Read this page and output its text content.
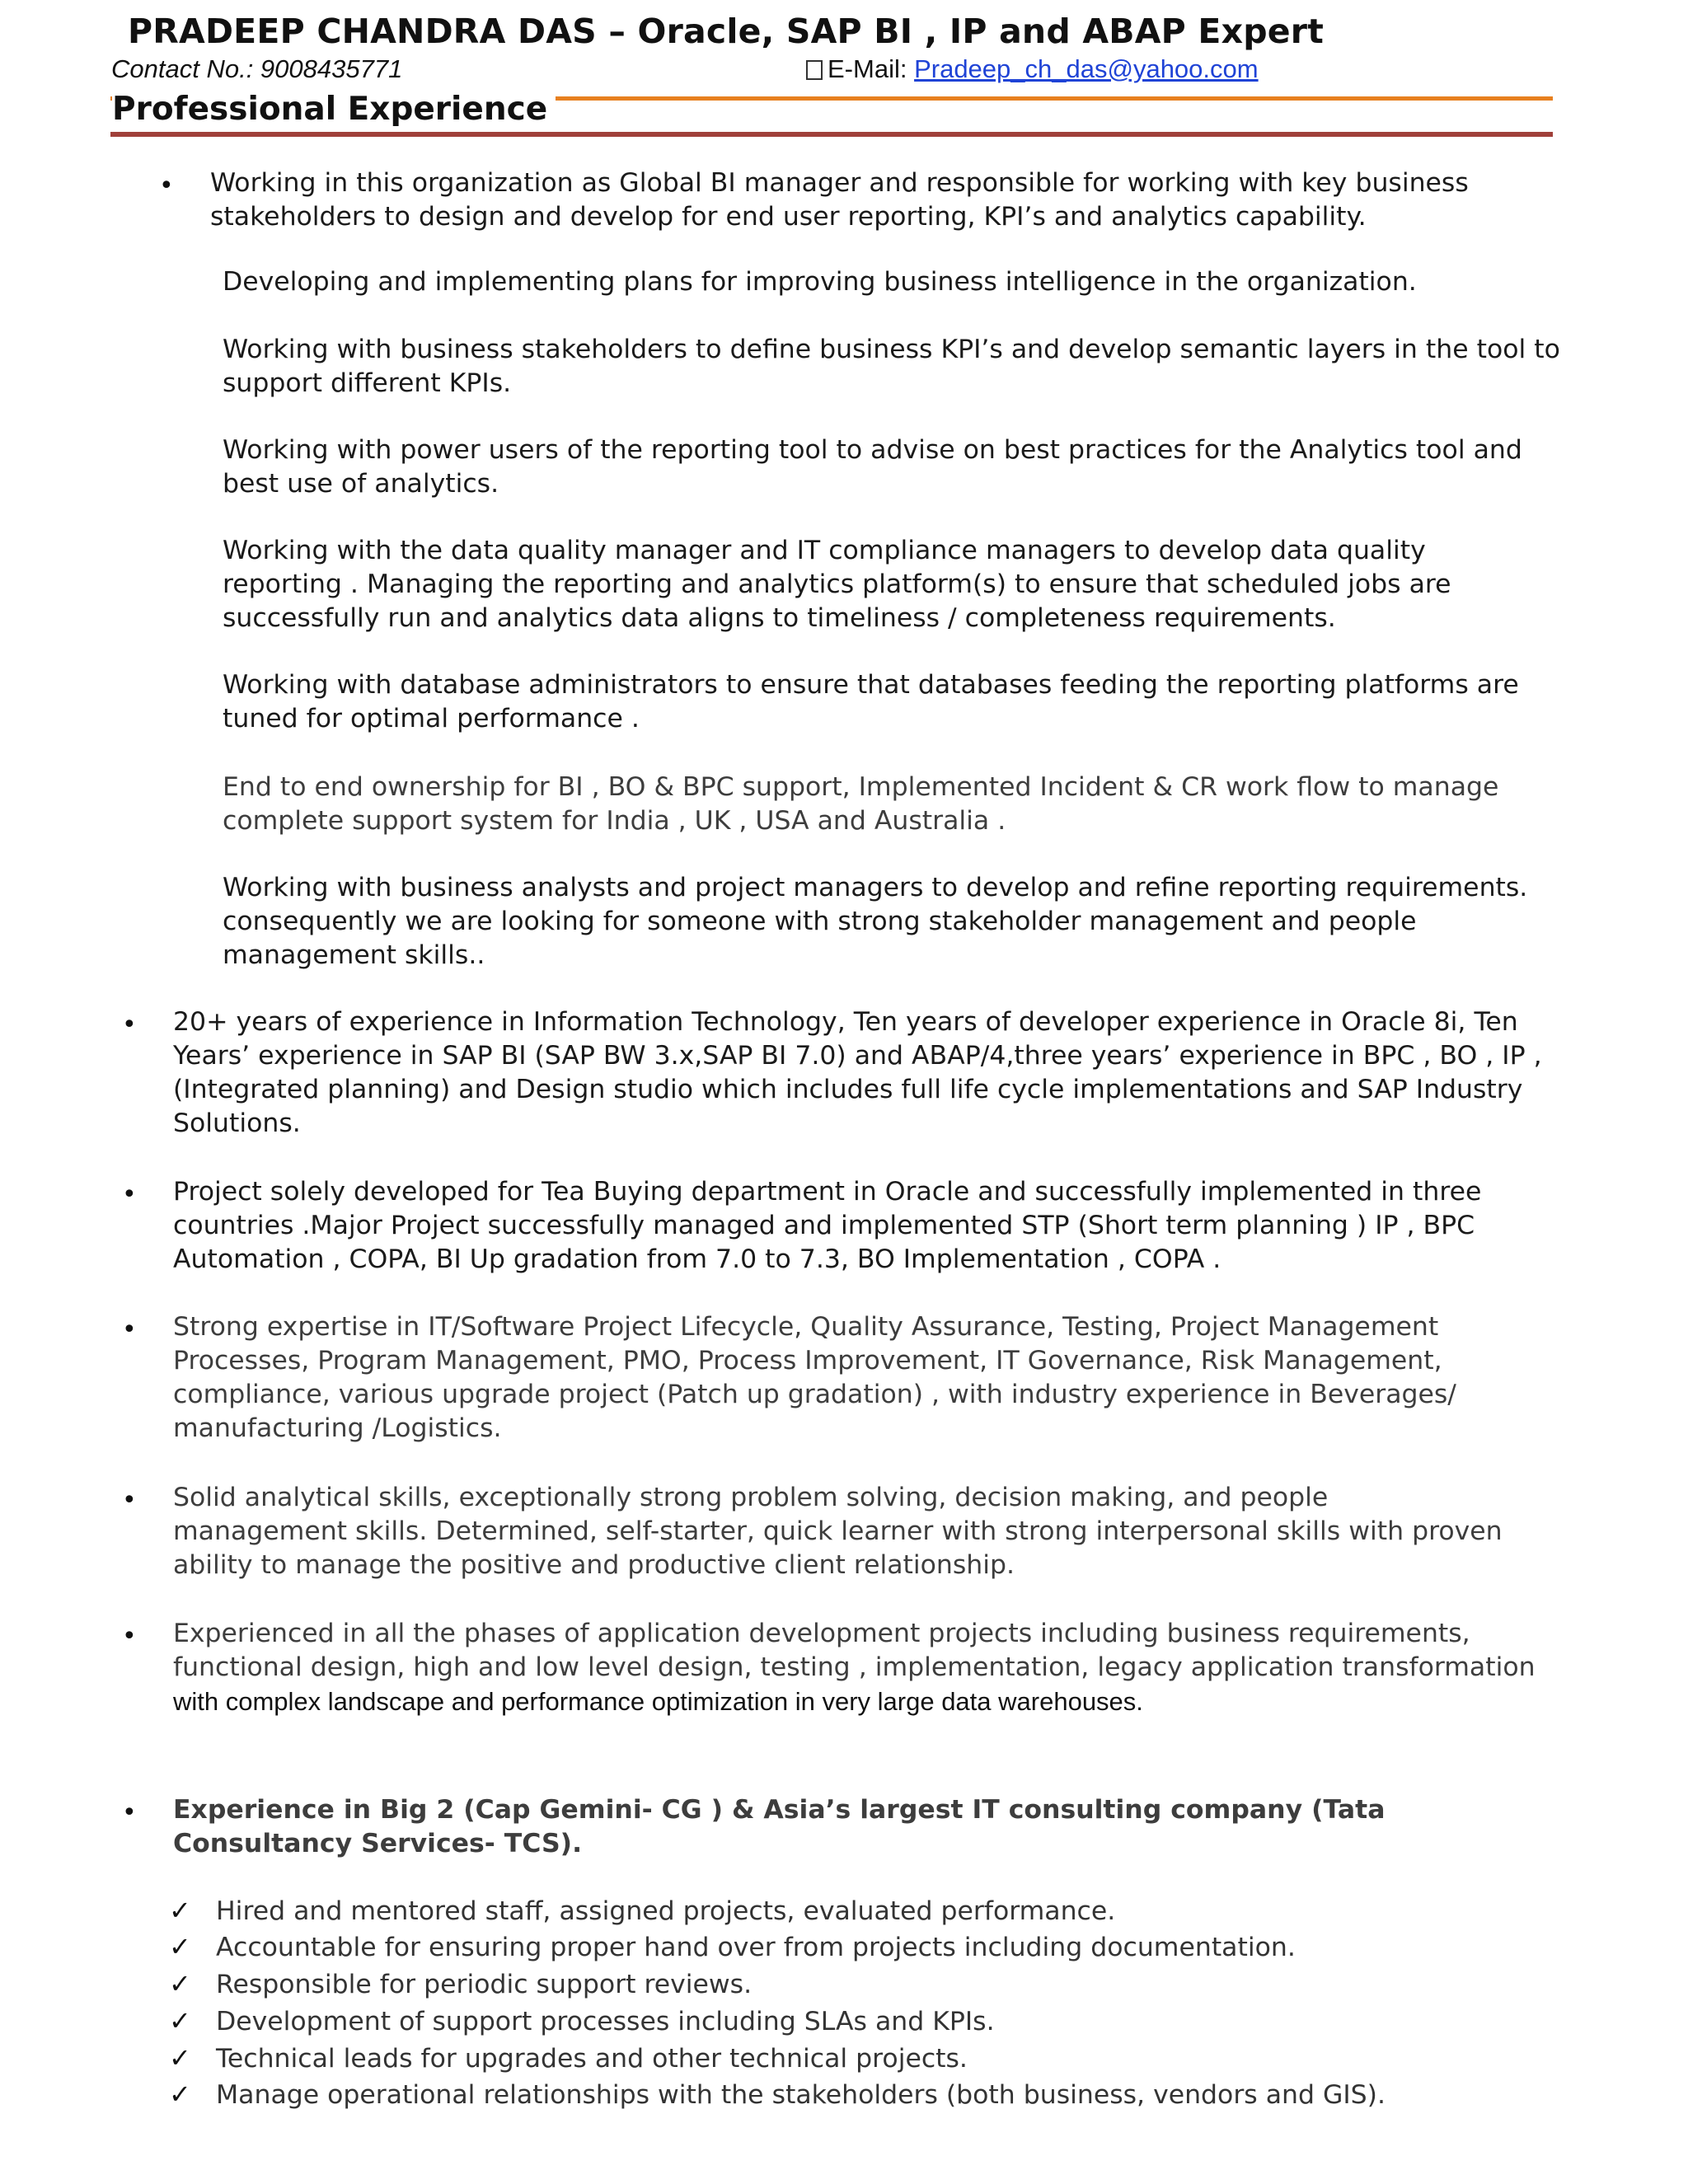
PRADEEP CHANDRA DAS – Oracle, SAP BI , IP and ABAP Expert
Contact No.: 9008435771	E-Mail: Pradeep_ch_das@yahoo.com
Professional Experience
• Working in this organization as Global BI manager and responsible for working with key business stakeholders to design and develop for end user reporting, KPI’s and analytics capability.

Developing and implementing plans for improving business intelligence in the organization.

Working with business stakeholders to define business KPI’s and develop semantic layers in the tool to support different KPIs.

Working with power users of the reporting tool to advise on best practices for the Analytics tool and best use of analytics.

Working with the data quality manager and IT compliance managers to develop data quality reporting . Managing the reporting and analytics platform(s) to ensure that scheduled jobs are successfully run and analytics data aligns to timeliness / completeness requirements.

Working with database administrators to ensure that databases feeding the reporting platforms are tuned for optimal performance .

End to end ownership for BI , BO & BPC support, Implemented Incident & CR work flow to manage complete support system for India , UK , USA and Australia .

Working with business analysts and project managers to develop and refine reporting requirements. consequently we are looking for someone with strong stakeholder management and people management skills..

• 20+ years of experience in Information Technology, Ten years of developer experience in Oracle 8i, Ten Years’ experience in SAP BI (SAP BW 3.x,SAP BI 7.0) and ABAP/4,three years’ experience in BPC , BO , IP , (Integrated planning) and Design studio which includes full life cycle implementations and SAP Industry Solutions.

• Project solely developed for Tea Buying department in Oracle and successfully implemented in three countries .Major Project successfully managed and implemented STP (Short term planning ) IP , BPC Automation , COPA, BI Up gradation from 7.0 to 7.3, BO Implementation , COPA .

• Strong expertise in IT/Software Project Lifecycle, Quality Assurance, Testing, Project Management Processes, Program Management, PMO, Process Improvement, IT Governance, Risk Management, compliance, various upgrade project (Patch up gradation) , with industry experience in Beverages/ manufacturing /Logistics.

• Solid analytical skills, exceptionally strong problem solving, decision making, and people management skills. Determined, self-starter, quick learner with strong interpersonal skills with proven ability to manage the positive and productive client relationship.

• Experienced in all the phases of application development projects including business requirements, functional design, high and low level design, testing , implementation, legacy application transformation with complex landscape and performance optimization in very large data warehouses.

• Experience in Big 2 (Cap Gemini- CG ) & Asia’s largest IT consulting company (Tata Consultancy Services- TCS).

✓ Hired and mentored staff, assigned projects, evaluated performance.
✓ Accountable for ensuring proper hand over from projects including documentation.
✓ Responsible for periodic support reviews.
✓ Development of support processes including SLAs and KPIs.
✓ Technical leads for upgrades and other technical projects.
✓ Manage operational relationships with the stakeholders (both business, vendors and GIS).
